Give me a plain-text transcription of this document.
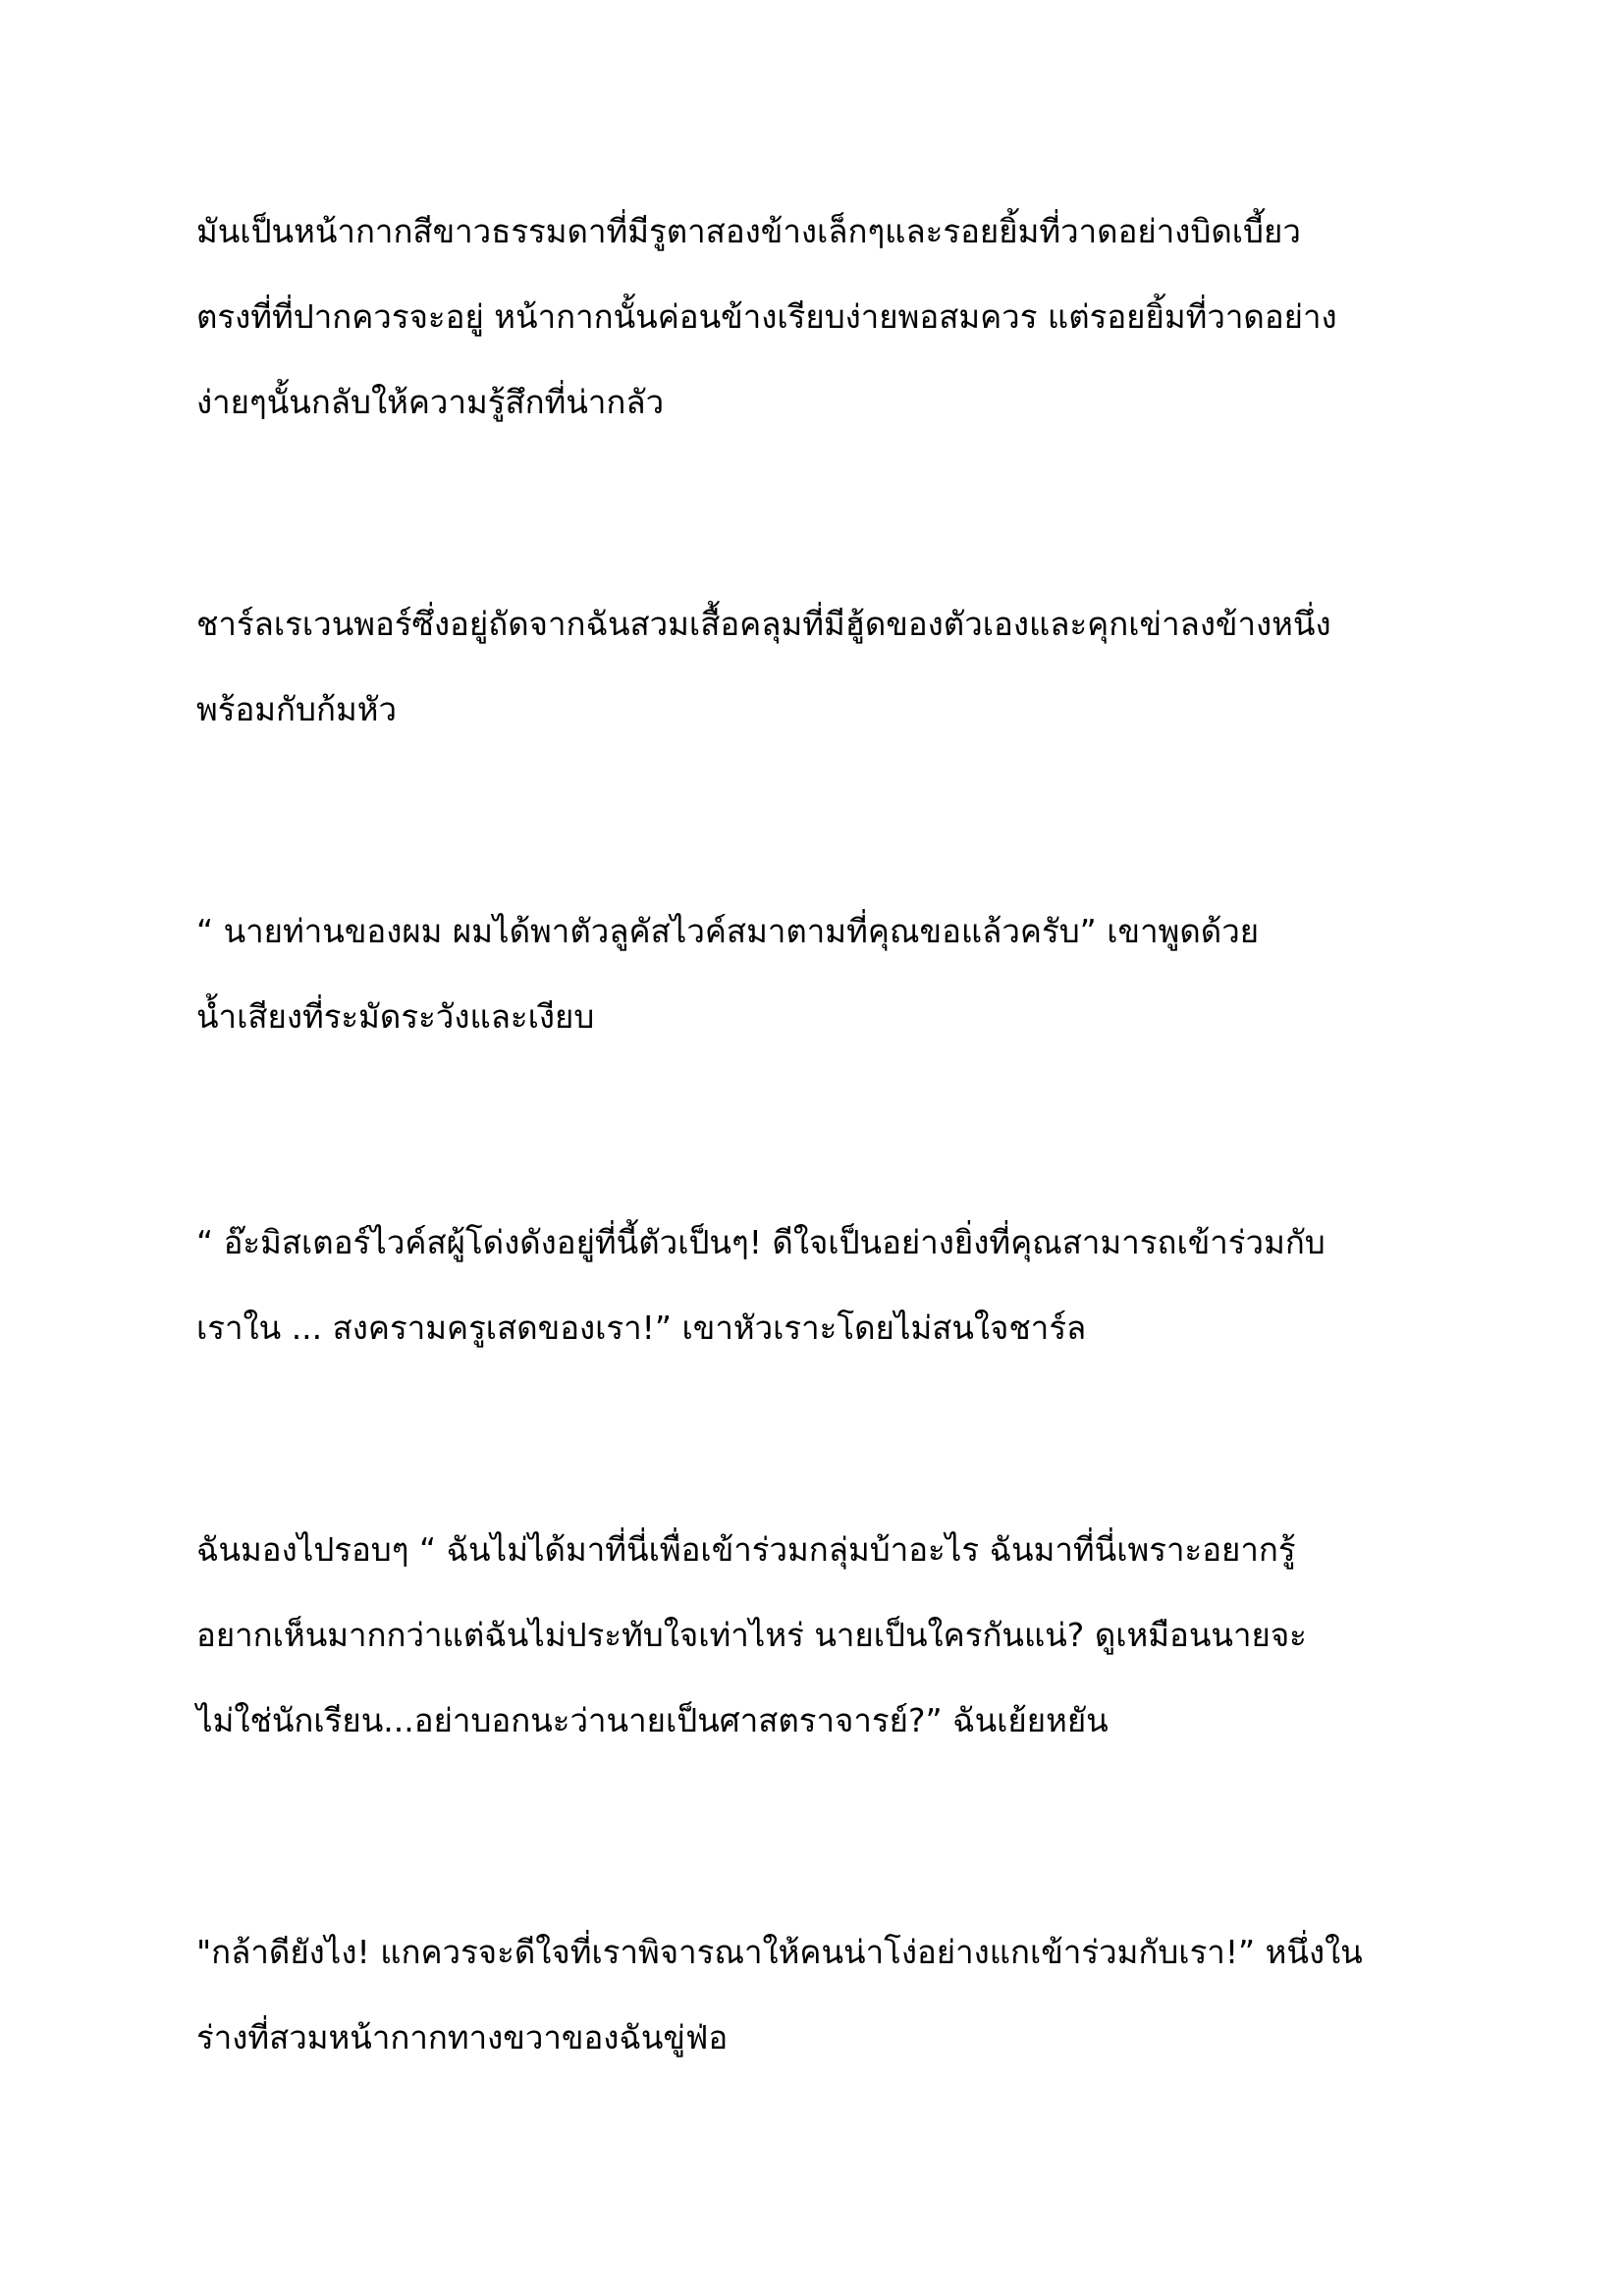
มันเป็นหน้ากากสีขาวธรรมดาที่มีรูตาสองข้างเล็กๆและรอยยิ้มที่วาดอย่างบิดเบี้ยว
ตรงที่ที่ปากควรจะอยู่ หน้ากากนั้นค่อนข้างเรียบง่ายพอสมควร แต่รอยยิ้มที่วาดอย่าง
ง่ายๆนั้นกลับให้ความรู้สึกที่น่ากลัว
ชาร์ลเรเวนพอร์ซึ่งอยู่ถัดจากฉันสวมเสื้อคลุมที่มีฮู้ดของตัวเองและคุกเข่าลงข้างหนึ่ง
พร้อมกับก้มหัว
“ นายท่านของผม ผมได้พาตัวลูคัสไวค์สมาตามที่คุณขอแล้วครับ” เขาพูดด้วย
น้ำเสียงที่ระมัดระวังและเงียบ
“ อ๊ะมิสเตอร์ไวค์สผู้โด่งดังอยู่ที่นี้ตัวเป็นๆ! ดีใจเป็นอย่างยิ่งที่คุณสามารถเข้าร่วมกับ
เราใน ... สงครามครูเสดของเรา!” เขาหัวเราะโดยไม่สนใจชาร์ล
ฉันมองไปรอบๆ “ ฉันไม่ได้มาที่นี่เพื่อเข้าร่วมกลุ่มบ้าอะไร ฉันมาที่นี่เพราะอยากรู้
อยากเห็นมากกว่าแต่ฉันไม่ประทับใจเท่าไหร่ นายเป็นใครกันแน่? ดูเหมือนนายจะ
ไม่ใช่นักเรียน...อย่าบอกนะว่านายเป็นศาสตราจารย์?” ฉันเย้ยหยัน
"กล้าดียังไง! แกควรจะดีใจที่เราพิจารณาให้คนน่าโง่อย่างแกเข้าร่วมกับเรา!” หนึ่งใน
ร่างที่สวมหน้ากากทางขวาของฉันขู่ฟ่อ
